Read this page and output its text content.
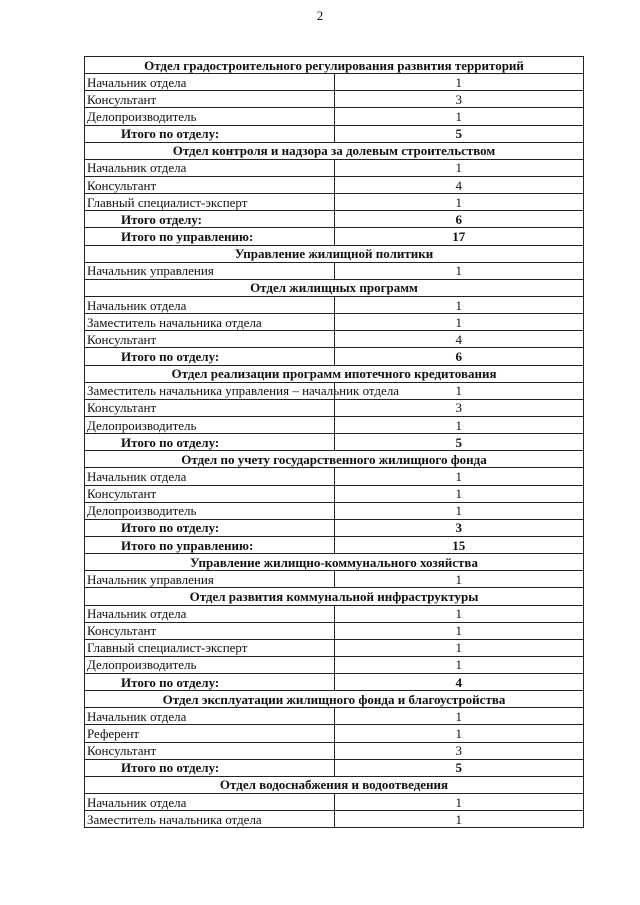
2
Отдел градостроительного регулирования развития территорий	
Начальник отдела	1
Консультант	3
Делопроизводитель	1
Итого по отделу:	5
Отдел контроля и надзора за долевым строительством	
Начальник отдела	1
Консультант	4
Главный специалист-эксперт	1
Итого отделу:	6
Итого по управлению:	17
Управление жилищной политики	
Начальник управления	1
Отдел жилищных программ	
Начальник отдела	1
Заместитель начальника отдела	1
Консультант	4
Итого по отделу:	6
Отдел реализации программ ипотечного кредитования	
Заместитель начальника управления – начальник отдела	1
Консультант	3
Делопроизводитель	1
Итого по отделу:	5
Отдел по учету государственного жилищного фонда	
Начальник отдела	1
Консультант	1
Делопроизводитель	1
Итого по отделу:	3
Итого по управлению:	15
Управление жилищно-коммунального хозяйства	
Начальник управления	1
Отдел развития коммунальной инфраструктуры	
Начальник отдела	1
Консультант	1
Главный специалист-эксперт	1
Делопроизводитель	1
Итого по отделу:	4
Отдел эксплуатации жилищного фонда и благоустройства	
Начальник отдела	1
Референт	1
Консультант	3
Итого по отделу:	5
Отдел водоснабжения и водоотведения	
Начальник отдела	1
Заместитель начальника отдела	1
